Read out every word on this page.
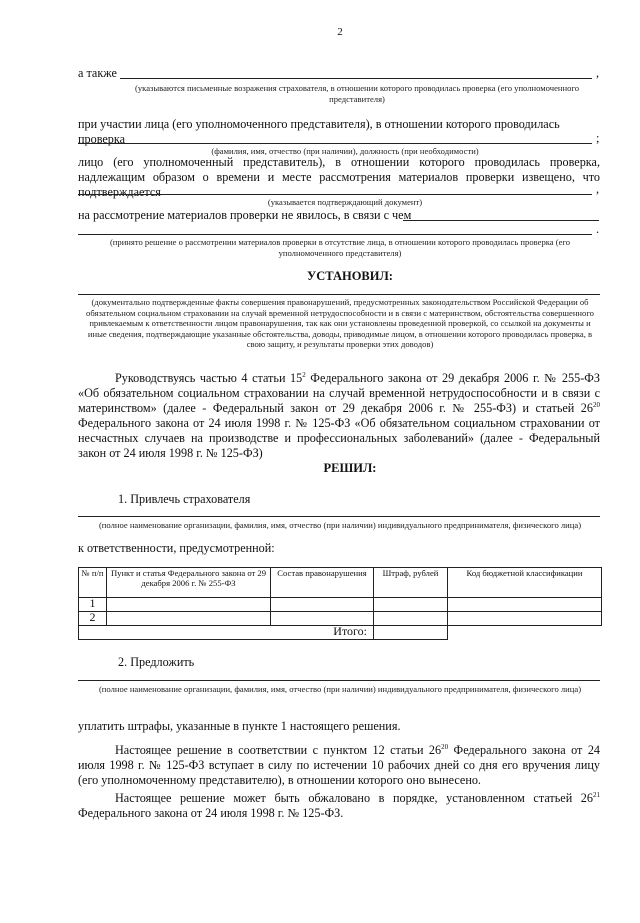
2
а также	,
(указываются письменные возражения страхователя, в отношении которого проводилась проверка (его уполномоченного представителя)
при участии лица (его уполномоченного представителя), в отношении которого проводилась проверка	;
(фамилия, имя, отчество (при наличии), должность (при необходимости)
лицо (его уполномоченный представитель), в отношении которого проводилась проверка, надлежащим образом о времени и месте рассмотрения материалов проверки извещено, что подтверждается	,
(указывается подтверждающий документ)
на рассмотрение материалов проверки не явилось, в связи с чем
.
(принято решение о рассмотрении материалов проверки в отсутствие лица, в отношении которого проводилась проверка (его уполномоченного представителя)
УСТАНОВИЛ:
(документально подтвержденные факты совершения правонарушений, предусмотренных законодательством Российской Федерации об обязательном социальном страховании на случай временной нетрудоспособности и в связи с материнством, обстоятельства совершенного привлекаемым к ответственности лицом правонарушения, так как они установлены проведенной проверкой, со ссылкой на документы и иные сведения, подтверждающие указанные обстоятельства, доводы, приводимые лицом, в отношении которого проводилась проверка, в свою защиту, и результаты проверки этих доводов)
Руководствуясь частью 4 статьи $15^2$ Федерального закона от 29 декабря 2006 г. № 255-ФЗ «Об обязательном социальном страховании на случай временной нетрудоспособности и в связи с материнством» (далее - Федеральный закон от 29 декабря 2006 г. № 255-ФЗ) и статьей $26^{20}$ Федерального закона от 24 июля 1998 г. № 125-ФЗ «Об обязательном социальном страховании от несчастных случаев на производстве и профессиональных заболеваний» (далее - Федеральный закон от 24 июля 1998 г. № 125-ФЗ)
РЕШИЛ:
1. Привлечь страхователя
(полное наименование организации, фамилия, имя, отчество (при наличии) индивидуального предпринимателя, физического лица)
к ответственности, предусмотренной:
№ п/п	Пункт и статья Федерального закона от 29 декабря 2006 г. № 255-ФЗ	Состав правонарушения	Штраф, рублей	Код бюджетной классификации
1				
2				
Итого:				
2. Предложить
(полное наименование организации, фамилия, имя, отчество (при наличии) индивидуального предпринимателя, физического лица)
уплатить штрафы, указанные в пункте 1 настоящего решения.
Настоящее решение в соответствии с пунктом 12 статьи $26^{20}$ Федерального закона от 24 июля 1998 г. № 125-ФЗ вступает в силу по истечении 10 рабочих дней со дня его вручения лицу (его уполномоченному представителю), в отношении которого оно вынесено.
Настоящее решение может быть обжаловано в порядке, установленном статьей $26^{21}$ Федерального закона от 24 июля 1998 г. № 125-ФЗ.
